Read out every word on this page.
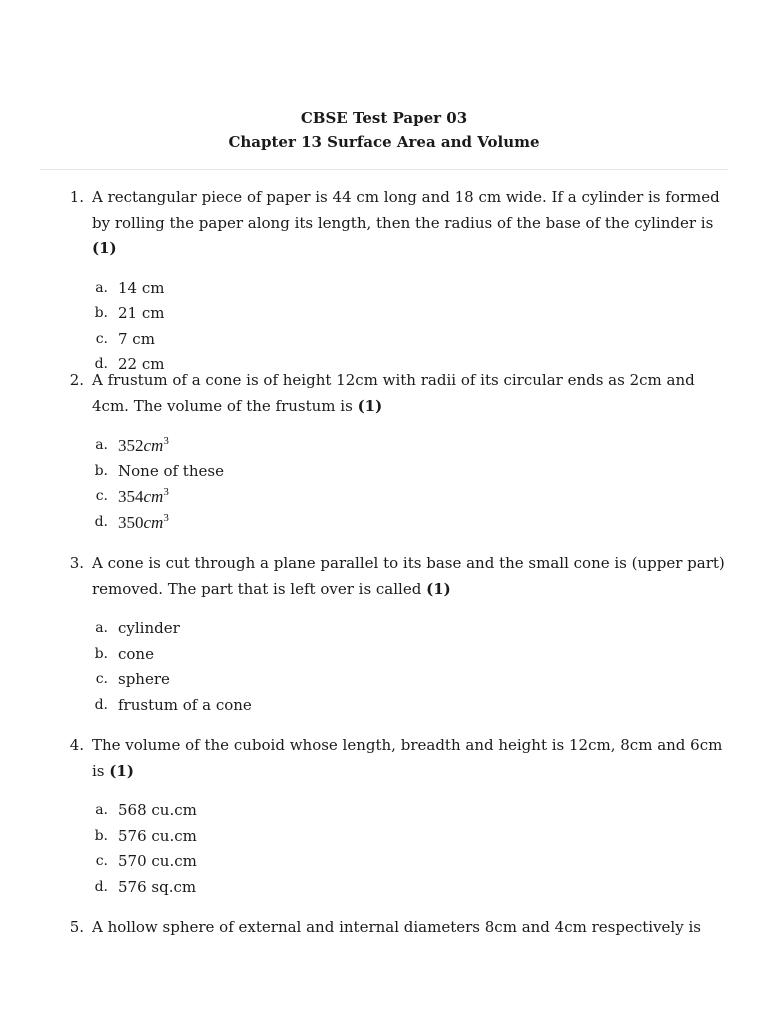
CBSE Test Paper 03
Chapter 13 Surface Area and Volume
1. A rectangular piece of paper is 44 cm long and 18 cm wide. If a cylinder is formed by rolling the paper along its length, then the radius of the base of the cylinder is (1)
a. 14 cm
b. 21 cm
c. 7 cm
d. 22 cm
2. A frustum of a cone is of height 12cm with radii of its circular ends as 2cm and 4cm. The volume of the frustum is (1)
a. $352cm^3$
b. None of these
c. $354cm^3$
d. $350cm^3$
3. A cone is cut through a plane parallel to its base and the small cone is (upper part) removed. The part that is left over is called (1)
a. cylinder
b. cone
c. sphere
d. frustum of a cone
4. The volume of the cuboid whose length, breadth and height is 12cm, 8cm and 6cm is (1)
a. 568 cu.cm
b. 576 cu.cm
c. 570 cu.cm
d. 576 sq.cm
5. A hollow sphere of external and internal diameters 8cm and 4cm respectively is
